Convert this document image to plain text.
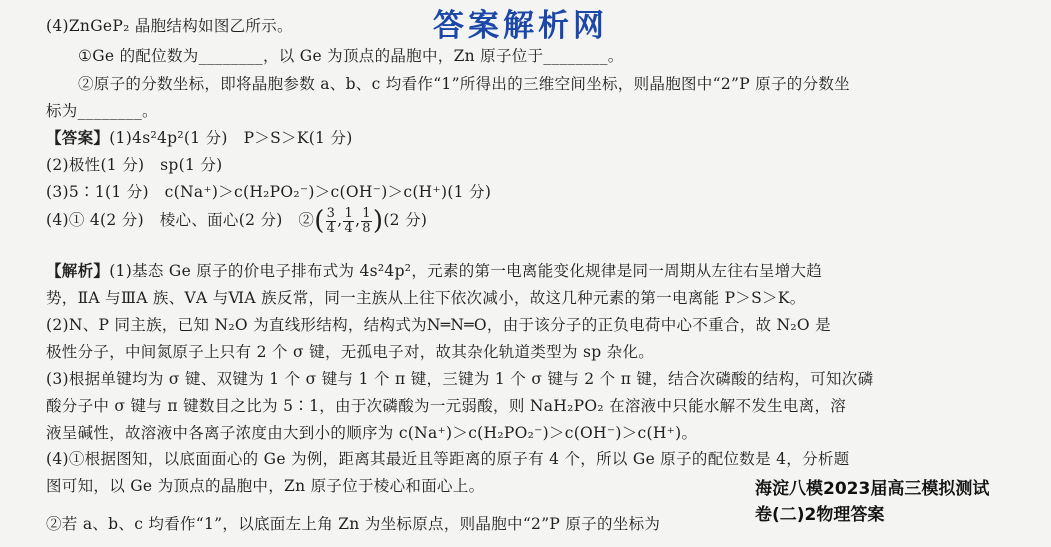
答案解析网
(4)ZnGeP₂ 晶胞结构如图乙所示。
①Ge 的配位数为________，以 Ge 为顶点的晶胞中，Zn 原子位于________。
②原子的分数坐标，即将晶胞参数 a、b、c 均看作“1”所得出的三维空间坐标，则晶胞图中“2”P 原子的分数坐
标为________。
【答案】(1)4s²4p²(1 分)　P＞S＞K(1 分)
(2)极性(1 分)　sp(1 分)
(3)5∶1(1 分)　c(Na⁺)＞c(H₂PO₂⁻)＞c(OH⁻)＞c(H⁺)(1 分)
(4)① 4(2 分)　棱心、面心(2 分)　②( $\frac{3}{4}$ , $\frac{1}{4}$ , $\frac{1}{8} )(2$ 分)
【解析】(1)基态 Ge 原子的价电子排布式为 4s²4p²，元素的第一电离能变化规律是同一周期从左往右呈增大趋
势，ⅡA 与ⅢA 族、ⅤA 与ⅥA 族反常，同一主族从上往下依次减小，故这几种元素的第一电离能 P＞S＞K。
(2)N、P 同主族，已知 N₂O 为直线形结构，结构式为N═N═O，由于该分子的正负电荷中心不重合，故 N₂O 是
极性分子，中间氮原子上只有 2 个 σ 键，无孤电子对，故其杂化轨道类型为 sp 杂化。
(3)根据单键均为 σ 键、双键为 1 个 σ 键与 1 个 π 键，三键为 1 个 σ 键与 2 个 π 键，结合次磷酸的结构，可知次磷
酸分子中 σ 键与 π 键数目之比为 5∶1，由于次磷酸为一元弱酸，则 NaH₂PO₂ 在溶液中只能水解不发生电离，溶
液呈碱性，故溶液中各离子浓度由大到小的顺序为 c(Na⁺)＞c(H₂PO₂⁻)＞c(OH⁻)＞c(H⁺)。
(4)①根据图知，以底面面心的 Ge 为例，距离其最近且等距离的原子有 4 个，所以 Ge 原子的配位数是 4，分析题
图可知，以 Ge 为顶点的晶胞中，Zn 原子位于棱心和面心上。
②若 a、b、c 均看作“1”，以底面左上角 Zn 为坐标原点，则晶胞中“2”P 原子的坐标为
海淀八模2023届高三模拟测试
卷(二)2物理答案
